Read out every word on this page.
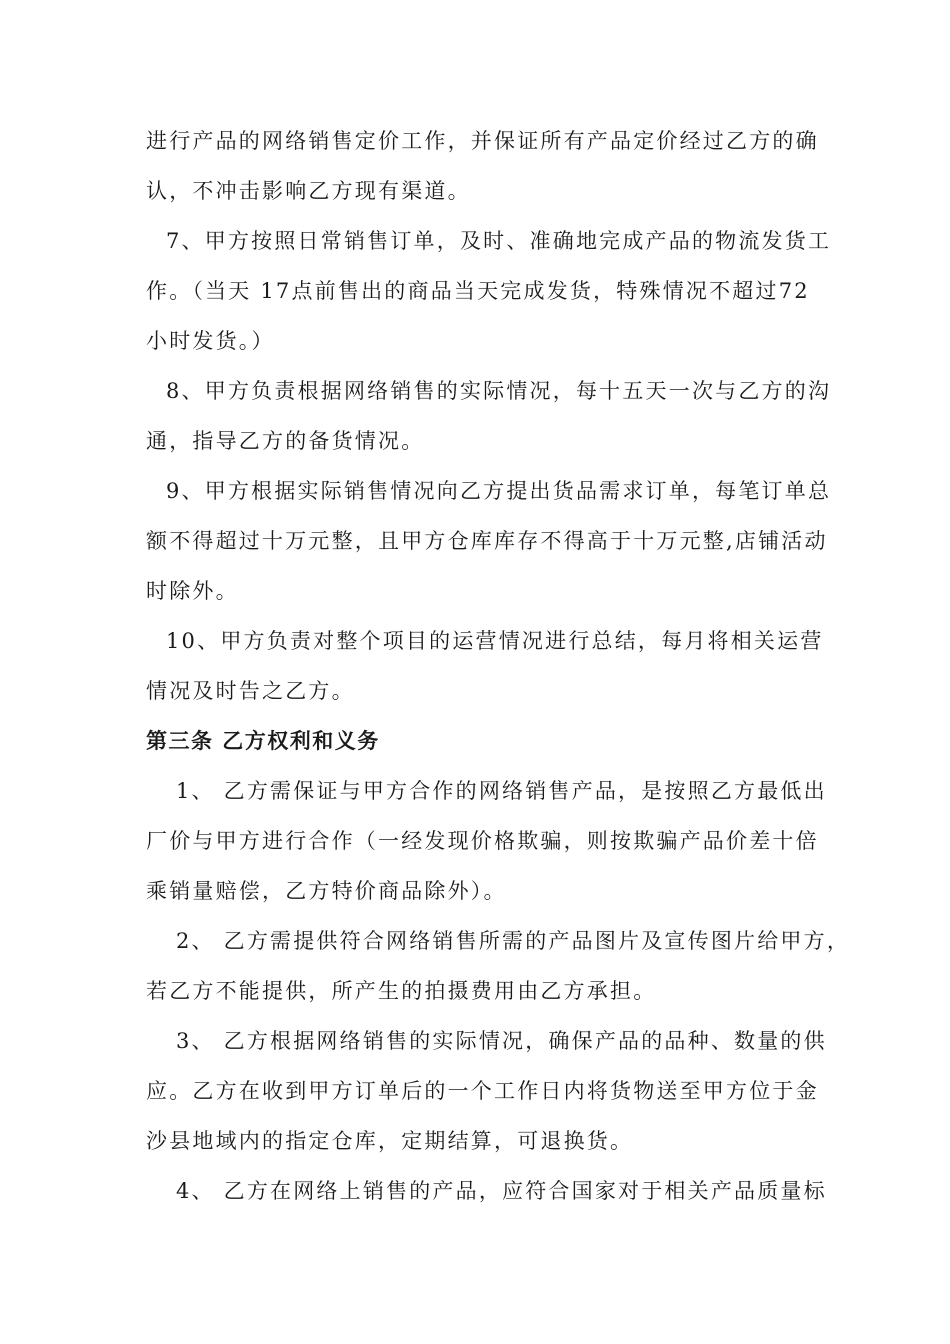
进行产品的网络销售定价工作，并保证所有产品定价经过乙方的确
认，不冲击影响乙方现有渠道。
7、甲方按照日常销售订单，及时、准确地完成产品的物流发货工
作。（当天 17点前售出的商品当天完成发货，特殊情况不超过72
小时发货。）
8、甲方负责根据网络销售的实际情况，每十五天一次与乙方的沟
通，指导乙方的备货情况。
9、甲方根据实际销售情况向乙方提出货品需求订单，每笔订单总
额不得超过十万元整，且甲方仓库库存不得高于十万元整,店铺活动
时除外。
10、甲方负责对整个项目的运营情况进行总结，每月将相关运营
情况及时告之乙方。
第三条 乙方权利和义务
1、 乙方需保证与甲方合作的网络销售产品，是按照乙方最低出
厂价与甲方进行合作（一经发现价格欺骗，则按欺骗产品价差十倍
乘销量赔偿，乙方特价商品除外）。
2、 乙方需提供符合网络销售所需的产品图片及宣传图片给甲方，
若乙方不能提供，所产生的拍摄费用由乙方承担。
3、 乙方根据网络销售的实际情况，确保产品的品种、数量的供
应。乙方在收到甲方订单后的一个工作日内将货物送至甲方位于金
沙县地域内的指定仓库，定期结算，可退换货。
4、 乙方在网络上销售的产品，应符合国家对于相关产品质量标
